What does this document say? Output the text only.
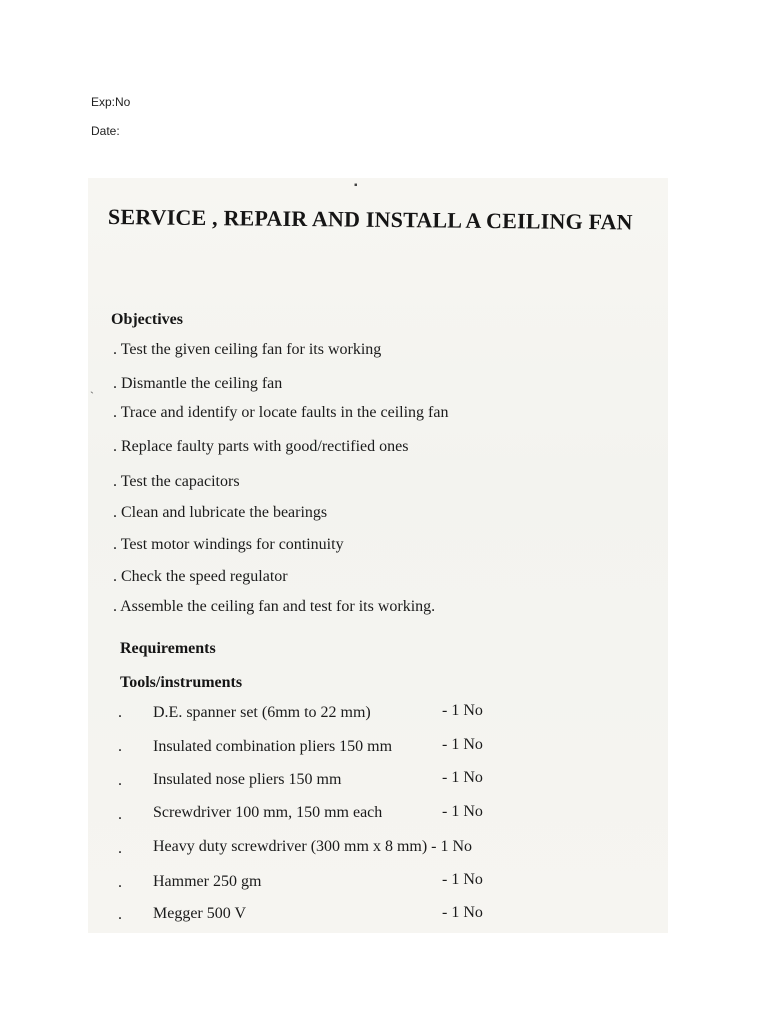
Exp:No
Date:
▪
SERVICE , REPAIR AND INSTALL A CEILING FAN
Objectives
ˏ
. Test the given ceiling fan for its working
. Dismantle the ceiling fan
. Trace and identify or locate faults in the ceiling fan
. Replace faulty parts with good/rectified ones
. Test the capacitors
. Clean and lubricate the bearings
. Test motor windings for continuity
. Check the speed regulator
. Assemble the ceiling fan and test for its working.
Requirements
Tools/instruments
. D.E. spanner set (6mm to 22 mm)	- 1 No
. Insulated combination pliers 150 mm	- 1 No
. Insulated nose pliers 150 mm	- 1 No
. Screwdriver 100 mm, 150 mm each	- 1 No
. Heavy duty screwdriver (300 mm x 8 mm) - 1 No
. Hammer 250 gm	- 1 No
. Megger 500 V	- 1 No
